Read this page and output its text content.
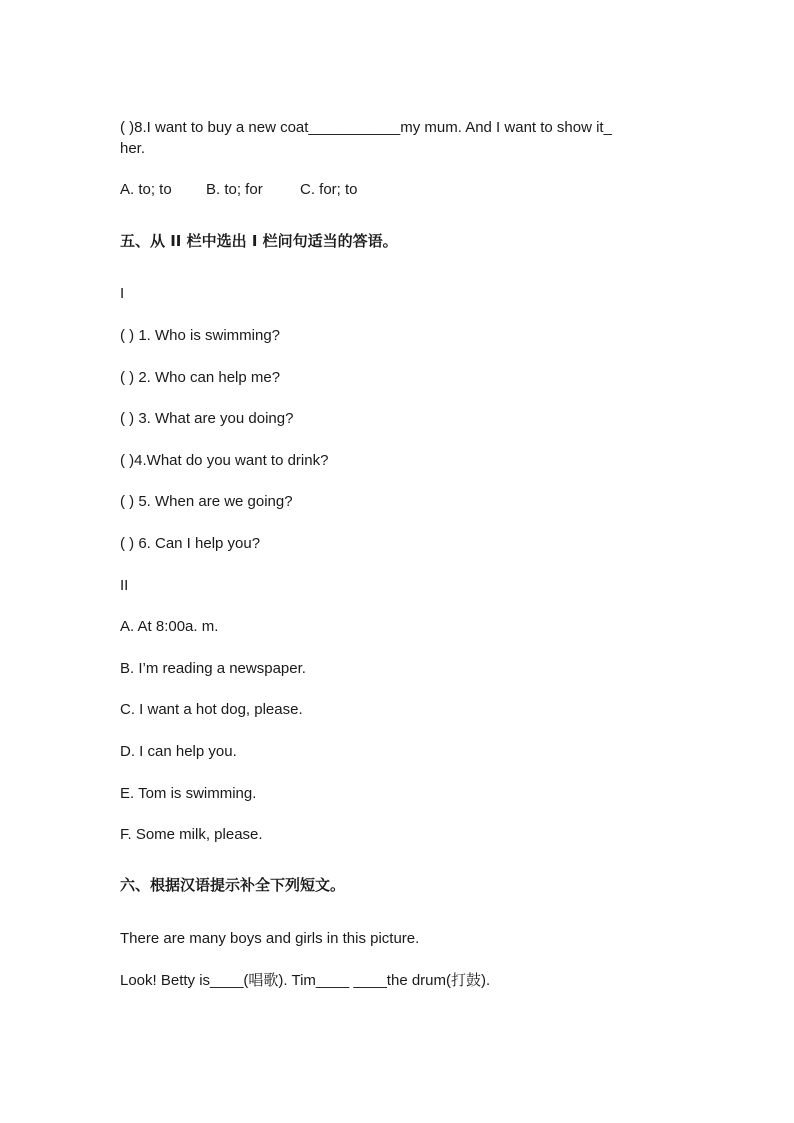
( )8.I want to buy a new coat___________my mum. And I want to show it_
her.
A. to; to B. to; for C. for; to
五、从 II 栏中选出 I 栏问句适当的答语。
I
( ) 1. Who is swimming?
( ) 2. Who can help me?
( ) 3. What are you doing?
( )4.What do you want to drink?
( ) 5. When are we going?
( ) 6. Can I help you?
II
A. At 8:00a. m.
B. I’m reading a newspaper.
C. I want a hot dog, please.
D. I can help you.
E. Tom is swimming.
F. Some milk, please.
六、根据汉语提示补全下列短文。
There are many boys and girls in this picture.
Look! Betty is____(唱歌). Tim____ ____the drum(打鼓).
